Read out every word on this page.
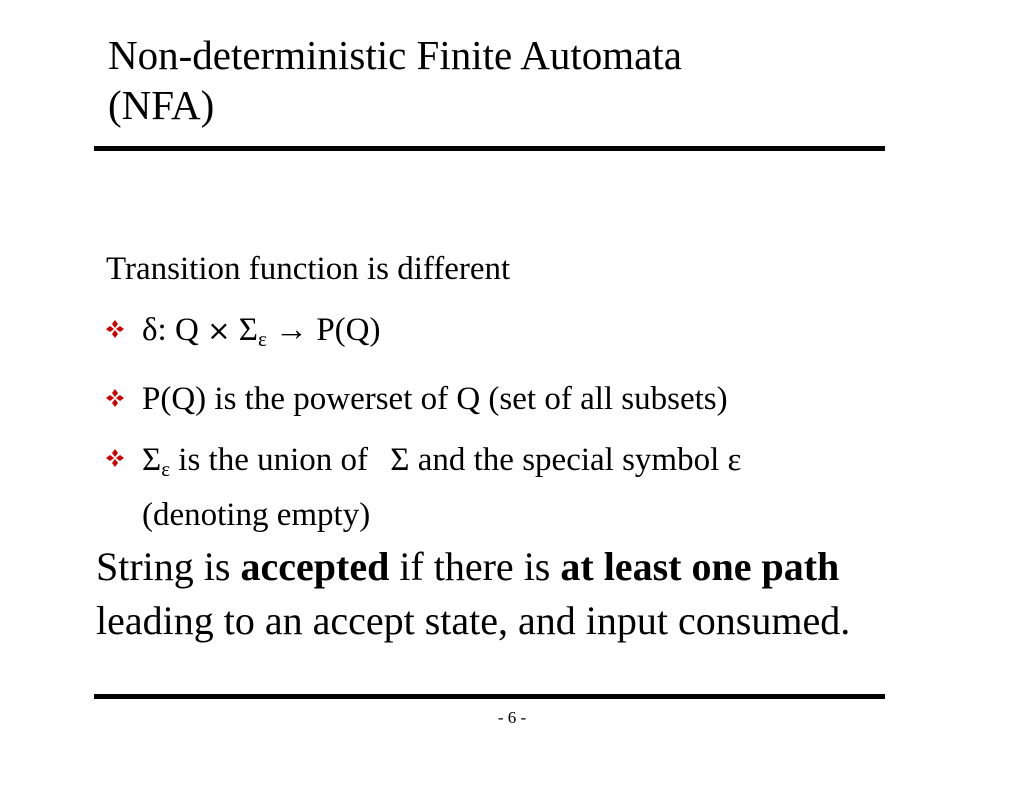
Non-deterministic Finite Automata
(NFA)
Transition function is different
δ: $Q \times \Sigma_\varepsilon \to P(Q)$
P(Q) is the powerset of Q (set of all subsets)
$\Sigma_\varepsilon$ is the union of Σ and the special symbol ε
(denoting empty)
String is accepted if there is at least one path
leading to an accept state, and input consumed.
- 6 -
